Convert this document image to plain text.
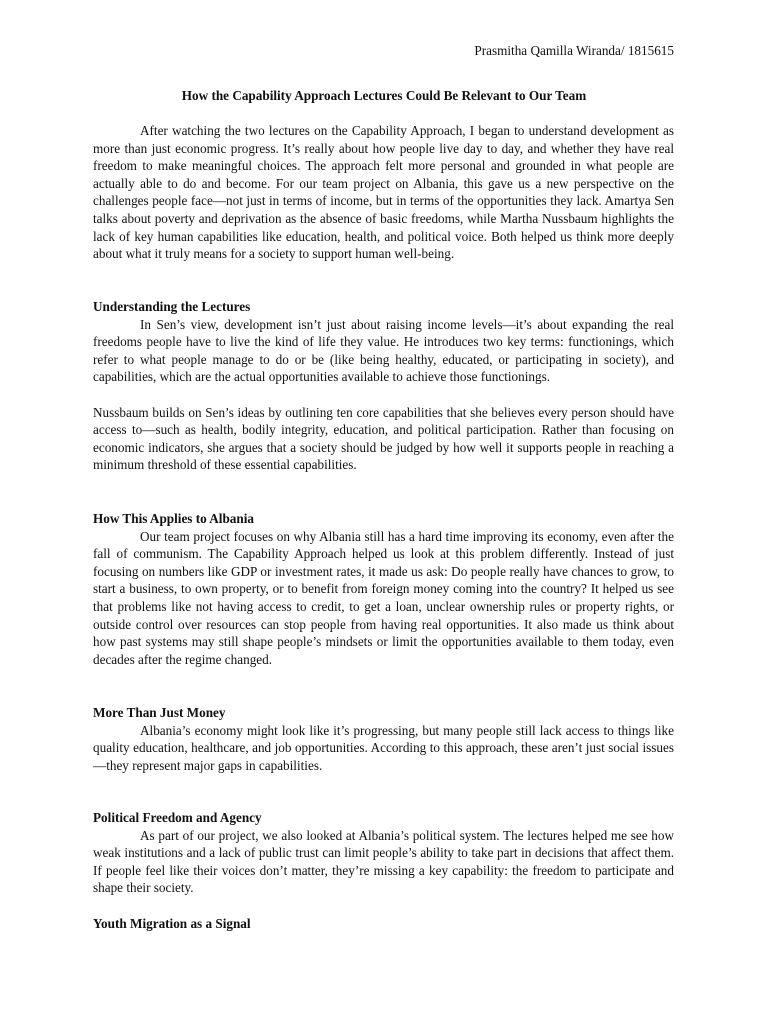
Prasmitha Qamilla Wiranda/ 1815615
How the Capability Approach Lectures Could Be Relevant to Our Team

After watching the two lectures on the Capability Approach, I began to understand development as more than just economic progress. It’s really about how people live day to day, and whether they have real freedom to make meaningful choices. The approach felt more personal and grounded in what people are actually able to do and become. For our team project on Albania, this gave us a new perspective on the challenges people face—not just in terms of income, but in terms of the opportunities they lack. Amartya Sen talks about poverty and deprivation as the absence of basic freedoms, while Martha Nussbaum highlights the lack of key human capabilities like education, health, and political voice. Both helped us think more deeply about what it truly means for a society to support human well-being.

Understanding the Lectures

In Sen’s view, development isn’t just about raising income levels—it’s about expanding the real freedoms people have to live the kind of life they value. He introduces two key terms: functionings, which refer to what people manage to do or be (like being healthy, educated, or participating in society), and capabilities, which are the actual opportunities available to achieve those functionings.

Nussbaum builds on Sen’s ideas by outlining ten core capabilities that she believes every person should have access to—such as health, bodily integrity, education, and political participation. Rather than focusing on economic indicators, she argues that a society should be judged by how well it supports people in reaching a minimum threshold of these essential capabilities.

How This Applies to Albania

Our team project focuses on why Albania still has a hard time improving its economy, even after the fall of communism. The Capability Approach helped us look at this problem differently. Instead of just focusing on numbers like GDP or investment rates, it made us ask: Do people really have chances to grow, to start a business, to own property, or to benefit from foreign money coming into the country? It helped us see that problems like not having access to credit, to get a loan, unclear ownership rules or property rights, or outside control over resources can stop people from having real opportunities. It also made us think about how past systems may still shape people’s mindsets or limit the opportunities available to them today, even decades after the regime changed.

More Than Just Money

Albania’s economy might look like it’s progressing, but many people still lack access to things like quality education, healthcare, and job opportunities. According to this approach, these aren’t just social issues—they represent major gaps in capabilities.

Political Freedom and Agency

As part of our project, we also looked at Albania’s political system. The lectures helped me see how weak institutions and a lack of public trust can limit people’s ability to take part in decisions that affect them. If people feel like their voices don’t matter, they’re missing a key capability: the freedom to participate and shape their society.

Youth Migration as a Signal
